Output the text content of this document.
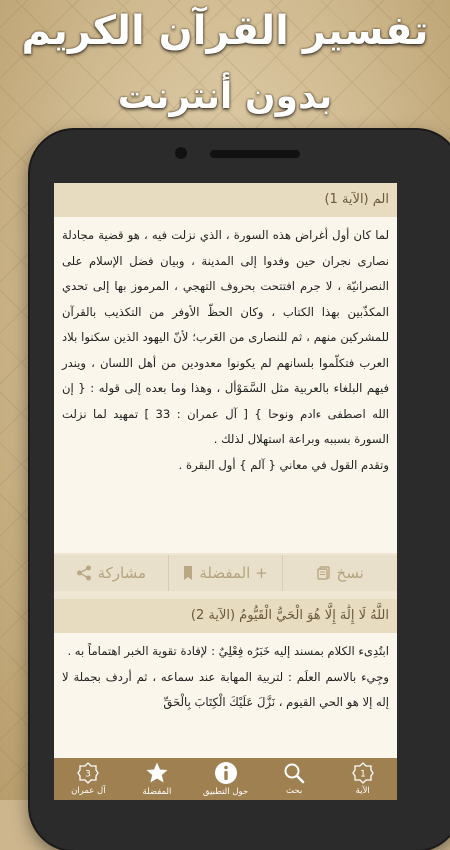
تفسير القرآن الكريم
بدون أنترنت
الم (الآية 1)

لما كان أول أغراض هذه السورة ، الذي نزلت فيه ، هو قضية مجادلة نصارى نجران حين وفدوا إلى المدينة ، وبيان فضل الإسلام على النصرانيّة ، لا جرم افتتحت بحروف التهجي ، المرموز بها إلى تحدي المكذّبين بهذا الكتاب ، وكان الحظّ الأوفر من التكذيب بالقرآن للمشركين منهم ، ثم للنصارى من العَرب؛ لأنّ اليهود الذين سكنوا بلاد العرب فتكلّموا بلسانهم لم يكونوا معدودين من أهل اللسان ، ويندر فيهم البلغاء بالعربية مثل السَّمَوْأل ، وهذا وما بعده إلى قوله : { إن الله اصطفى ءادم ونوحا } [ آل عمران : 33 ] تمهيد لما نزلت السورة بسببه وبراعة استهلال لذلك .

وتقدم القول في معاني { آلم } أول البقرة .

نسخ
+ المفضلة
مشاركة
اللَّهُ لَا إِلَٰهَ إِلَّا هُوَ الْحَيُّ الْقَيُّومُ (الآية 2)

ابتُدِىء الكلام بمسند إليه خَبَرُه فِعْلِيٌ : لإفادة تقوية الخبر اهتماماً به .

وجِيء بالاسم العلَم : لتربية المهابة عند سماعه ، ثم أردف بجملة لا إله إلا هو الحي القيوم ، نَزَّلَ عَلَيْكَ الْكِتَابَ بِالْحَقِّ

1
الآية
بحث
حول التطبيق
المفضلة
3
آل عمران
